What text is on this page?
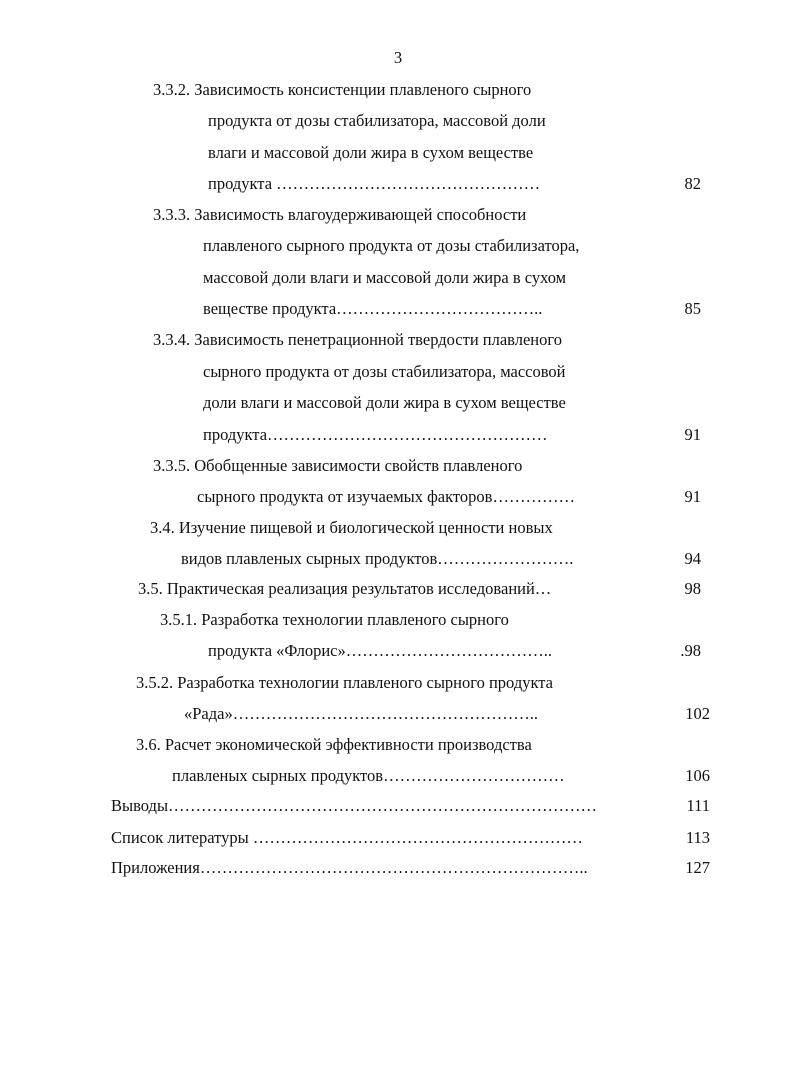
3
3.3.2. Зависимость консистенции плавленого сырного
продукта от дозы стабилизатора, массовой доли
влаги и массовой доли жира в сухом веществе
продукта …………………………………………	82
3.3.3. Зависимость влагоудерживающей способности
плавленого сырного продукта от дозы стабилизатора,
массовой доли влаги и массовой доли жира в сухом
веществе продукта………………………………..	85
3.3.4. Зависимость пенетрационной твердости плавленого
сырного продукта от дозы стабилизатора, массовой
доли влаги и массовой доли жира в сухом веществе
продукта……………………………………………	91
3.3.5. Обобщенные зависимости свойств плавленого
сырного продукта от изучаемых факторов……………	91
3.4. Изучение пищевой и биологической ценности новых
видов плавленых сырных продуктов…………………….	94
3.5. Практическая реализация результатов исследований…	98
3.5.1. Разработка технологии плавленого сырного
продукта «Флорис»………………………………..	.98
3.5.2. Разработка технологии плавленого сырного продукта
«Рада»………………………………………………..	102
3.6. Расчет экономической эффективности производства
плавленых сырных продуктов……………………………	106
Выводы……………………………………………………………………	111
Список литературы ……………………………………………………	113
Приложения……………………………………………………………..	127
